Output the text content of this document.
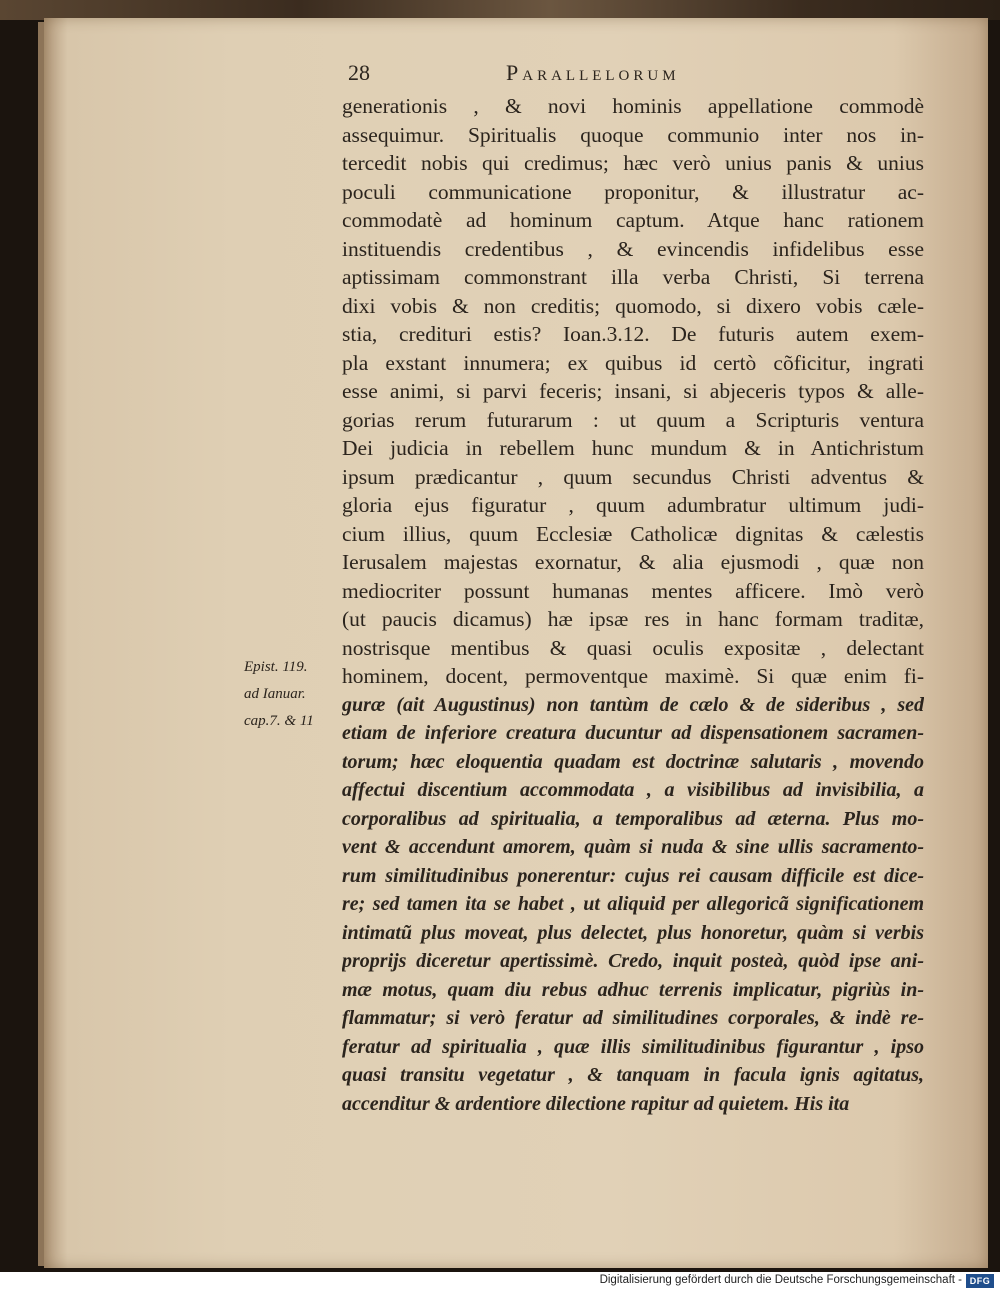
28	Parallelorum
Epist. 119.
ad Ianuar.
cap.7. & 11
generationis , & novi hominis appellatione commodè
assequimur. Spiritualis quoque communio inter nos in-
tercedit nobis qui credimus; hæc verò unius panis & unius
poculi communicatione proponitur, & illustratur ac-
commodatè ad hominum captum. Atque hanc rationem
instituendis credentibus , & evincendis infidelibus esse
aptissimam commonstrant illa verba Christi, Si terrena
dixi vobis & non creditis; quomodo, si dixero vobis cæle-
stia, credituri estis? Ioan.3.12. De futuris autem exem-
pla exstant innumera; ex quibus id certò cõficitur, ingrati
esse animi, si parvi feceris; insani, si abjeceris typos & alle-
gorias rerum futurarum : ut quum a Scripturis ventura
Dei judicia in rebellem hunc mundum & in Antichristum
ipsum prædicantur , quum secundus Christi adventus &
gloria ejus figuratur , quum adumbratur ultimum judi-
cium illius, quum Ecclesiæ Catholicæ dignitas & cælestis
Ierusalem majestas exornatur, & alia ejusmodi , quæ non
mediocriter possunt humanas mentes afficere. Imò verò
(ut paucis dicamus) hæ ipsæ res in hanc formam traditæ,
nostrisque mentibus & quasi oculis expositæ , delectant
hominem, docent, permoventque maximè. Si quæ enim fi-
guræ (ait Augustinus) non tantùm de cælo & de sideribus , sed
etiam de inferiore creatura ducuntur ad dispensationem sacramen-
torum; hæc eloquentia quadam est doctrinæ salutaris , movendo
affectui discentium accommodata , a visibilibus ad invisibilia, a
corporalibus ad spiritualia, a temporalibus ad æterna. Plus mo-
vent & accendunt amorem, quàm si nuda & sine ullis sacramento-
rum similitudinibus ponerentur: cujus rei causam difficile est dice-
re; sed tamen ita se habet , ut aliquid per allegoricã significationem
intimatũ plus moveat, plus delectet, plus honoretur, quàm si verbis
proprijs diceretur apertissimè. Credo, inquit posteà, quòd ipse ani-
mæ motus, quam diu rebus adhuc terrenis implicatur, pigriùs in-
flammatur; si verò feratur ad similitudines corporales, & indè re-
feratur ad spiritualia , quæ illis similitudinibus figurantur , ipso
quasi transitu vegetatur , & tanquam in facula ignis agitatus,
accenditur & ardentiore dilectione rapitur ad quietem. His ita
Digitalisierung gefördert durch die Deutsche Forschungsgemeinschaft - DFG
